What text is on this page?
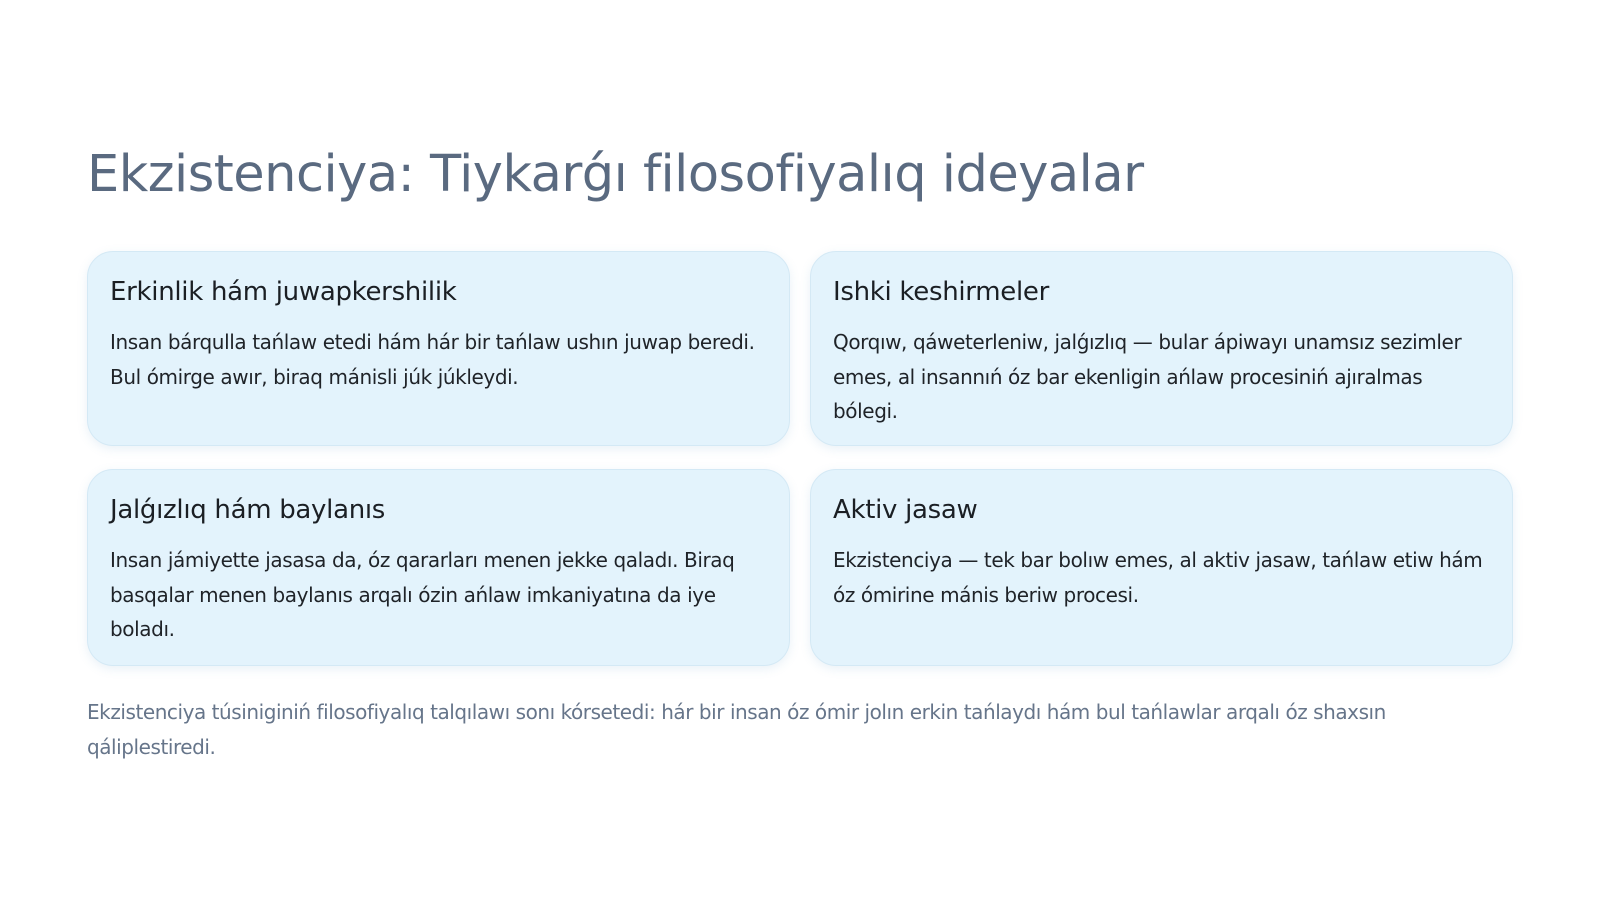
Ekzistenciya: Tiykarǵı filosofiyalıq ideyalar
Erkinlik hám juwapkershilik

Insan bárqulla tańlaw etedi hám hár bir tańlaw ushın juwap beredi. Bul ómirge awır, biraq mánisli júk júkleydi.

Ishki keshirmeler

Qorqıw, qáweterleniw, jalǵızlıq — bular ápiwayı unamsız sezimler emes, al insannıń óz bar ekenligin ańlaw procesiniń ajıralmas bólegi.

Jalǵızlıq hám baylanıs

Insan jámiyette jasasa da, óz qararları menen jekke qaladı. Biraq basqalar menen baylanıs arqalı ózin ańlaw imkaniyatına da iye boladı.

Aktiv jasaw

Ekzistenciya — tek bar bolıw emes, al aktiv jasaw, tańlaw etiw hám óz ómirine mánis beriw procesi.

Ekzistenciya túsiniginiń filosofiyalıq talqılawı sonı kórsetedi: hár bir insan óz ómir jolın erkin tańlaydı hám bul tańlawlar arqalı óz shaxsın qáliplestiredi.
